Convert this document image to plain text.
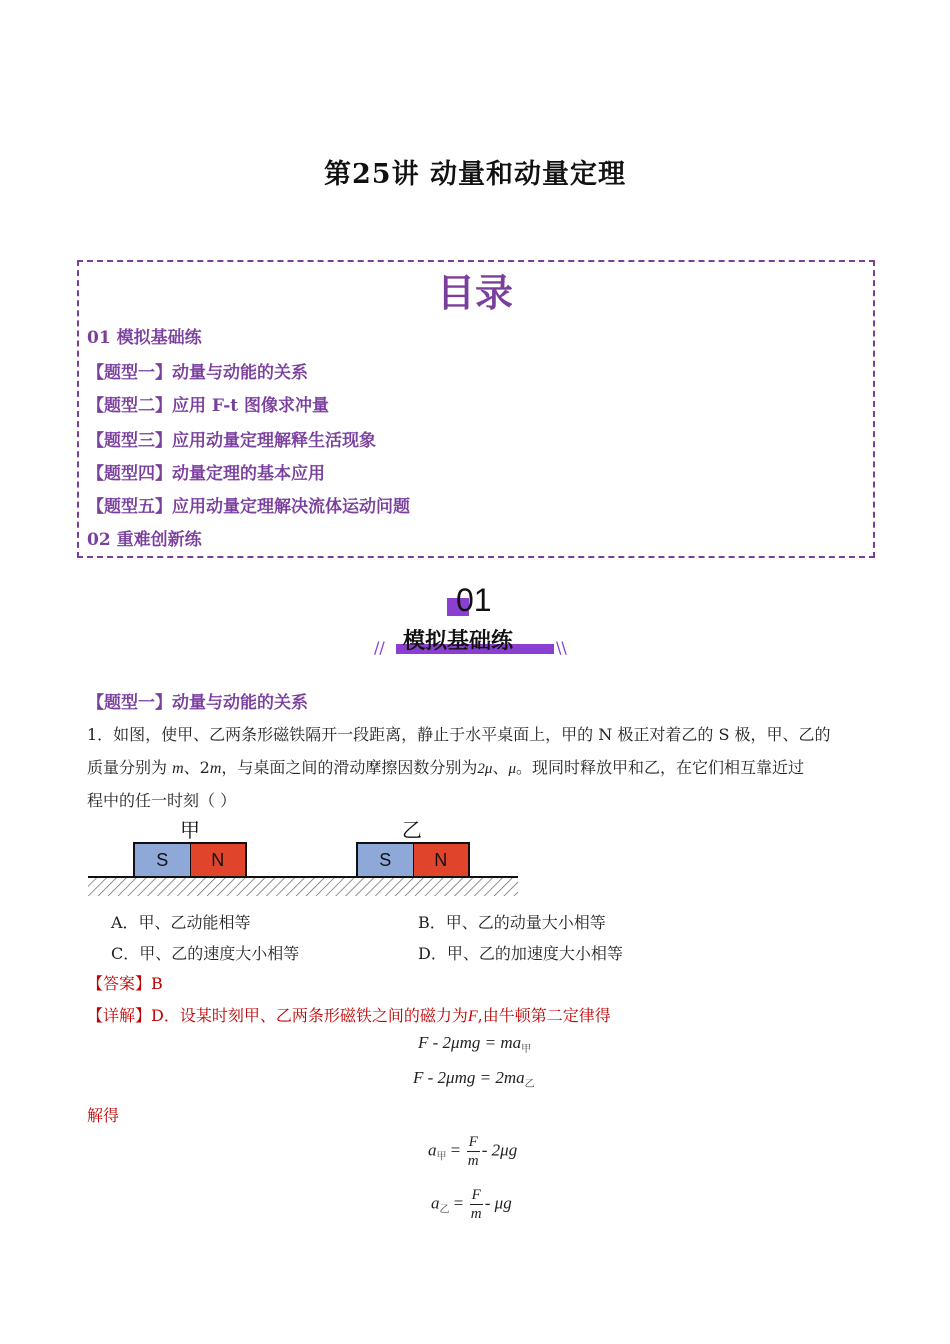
第25讲 动量和动量定理
目录
01 模拟基础练
【题型一】动量与动能的关系
【题型二】应用 F-t 图像求冲量
【题型三】应用动量定理解释生活现象
【题型四】动量定理的基本应用
【题型五】应用动量定理解决流体运动问题
02 重难创新练
01
模拟基础练
//	\\
【题型一】动量与动能的关系
1．如图，使甲、乙两条形磁铁隔开一段距离，静止于水平桌面上，甲的 N 极正对着乙的 S 极，甲、乙的
质量分别为 m、2m，与桌面之间的滑动摩擦因数分别为2μ、μ。现同时释放甲和乙，在它们相互靠近过
程中的任一时刻（ ）
甲	乙
S	N	S	N
A．甲、乙动能相等	B．甲、乙的动量大小相等
C．甲、乙的速度大小相等	D．甲、乙的加速度大小相等
【答案】B
【详解】D．设某时刻甲、乙两条形磁铁之间的磁力为F,由牛顿第二定律得
$F - 2\mu mg = ma_甲$
$F - 2\mu mg = 2ma_乙$
解得
$a_甲 = \frac{F}{m} - 2\mu g$
$a_乙 = \frac{F}{m} - \mu g$
